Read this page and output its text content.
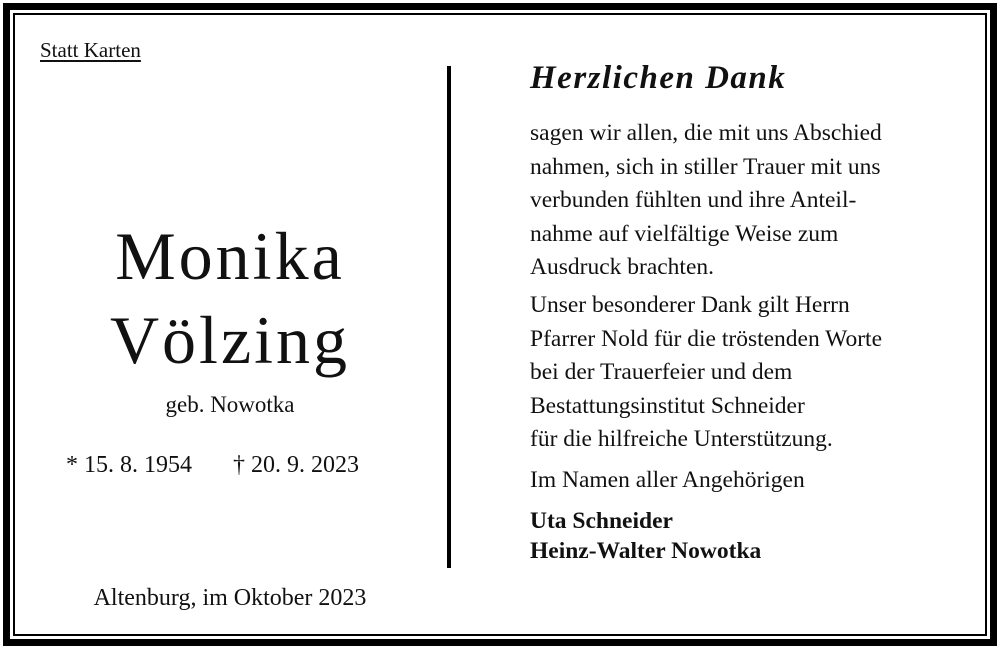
Statt Karten
Monika
Völzing
geb. Nowotka
* 15. 8. 1954 † 20. 9. 2023
Altenburg, im Oktober 2023
Herzlichen Dank

sagen wir allen, die mit uns Abschied
nahmen, sich in stiller Trauer mit uns
verbunden fühlten und ihre Anteil-
nahme auf vielfältige Weise zum
Ausdruck brachten.

Unser besonderer Dank gilt Herrn
Pfarrer Nold für die tröstenden Worte
bei der Trauerfeier und dem
Bestattungsinstitut Schneider
für die hilfreiche Unterstützung.

Im Namen aller Angehörigen

Uta Schneider
Heinz-Walter Nowotka
